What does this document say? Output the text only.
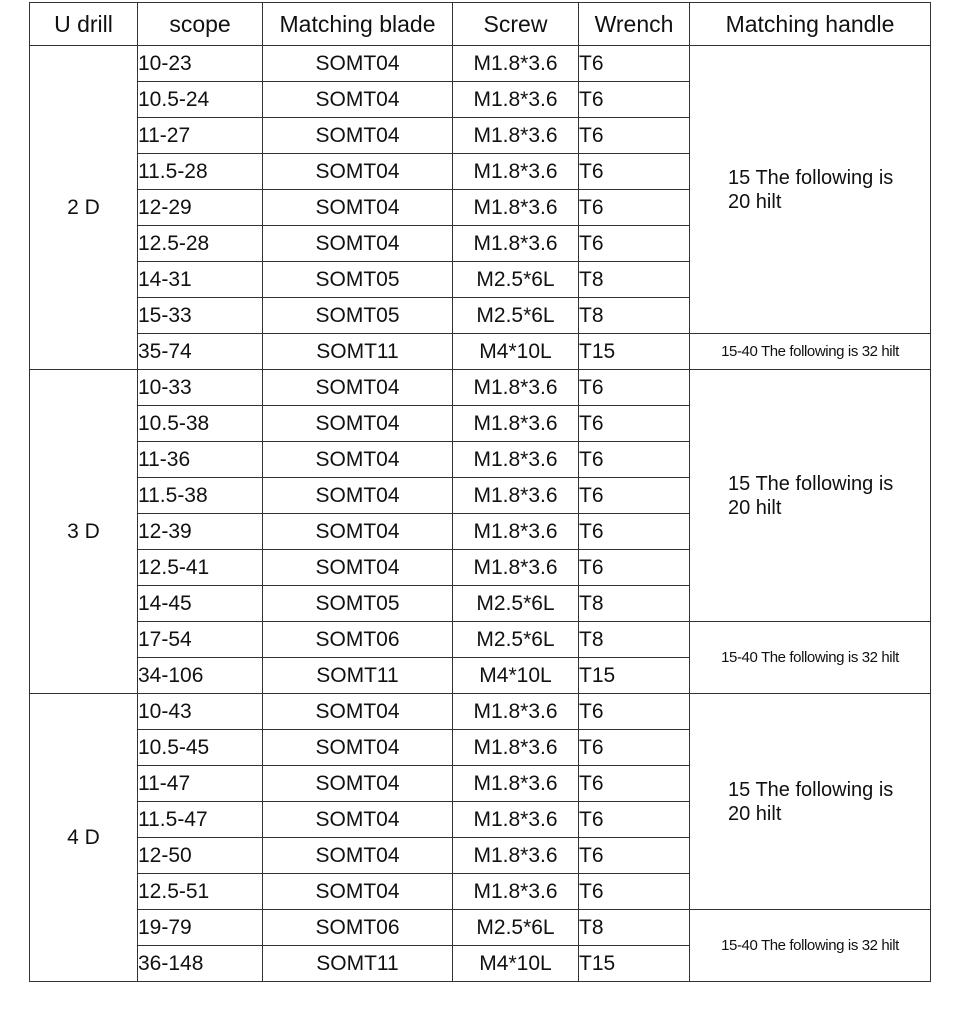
U drill	scope	Matching blade	Screw	Wrench	Matching handle
2 D	10-23	SOMT04	M1.8*3.6	T6	15 The following is 20 hilt

	10.5-24	SOMT04	M1.8*3.6	T6	
	11-27	SOMT04	M1.8*3.6	T6	
	11.5-28	SOMT04	M1.8*3.6	T6	
	12-29	SOMT04	M1.8*3.6	T6	
	12.5-28	SOMT04	M1.8*3.6	T6	
	14-31	SOMT05	M2.5*6L	T8	
	15-33	SOMT05	M2.5*6L	T8	
	35-74	SOMT11	M4*10L	T15	15-40 The following is 32 hilt

3 D	10-33	SOMT04	M1.8*3.6	T6	15 The following is 20 hilt

	10.5-38	SOMT04	M1.8*3.6	T6	
	11-36	SOMT04	M1.8*3.6	T6	
	11.5-38	SOMT04	M1.8*3.6	T6	
	12-39	SOMT04	M1.8*3.6	T6	
	12.5-41	SOMT04	M1.8*3.6	T6	
	14-45	SOMT05	M2.5*6L	T8	
	17-54	SOMT06	M2.5*6L	T8	15-40 The following is 32 hilt

	34-106	SOMT11	M4*10L	T15	
4 D	10-43	SOMT04	M1.8*3.6	T6	15 The following is 20 hilt

	10.5-45	SOMT04	M1.8*3.6	T6	
	11-47	SOMT04	M1.8*3.6	T6	
	11.5-47	SOMT04	M1.8*3.6	T6	
	12-50	SOMT04	M1.8*3.6	T6	
	12.5-51	SOMT04	M1.8*3.6	T6	
	19-79	SOMT06	M2.5*6L	T8	15-40 The following is 32 hilt

	36-148	SOMT11	M4*10L	T15	
